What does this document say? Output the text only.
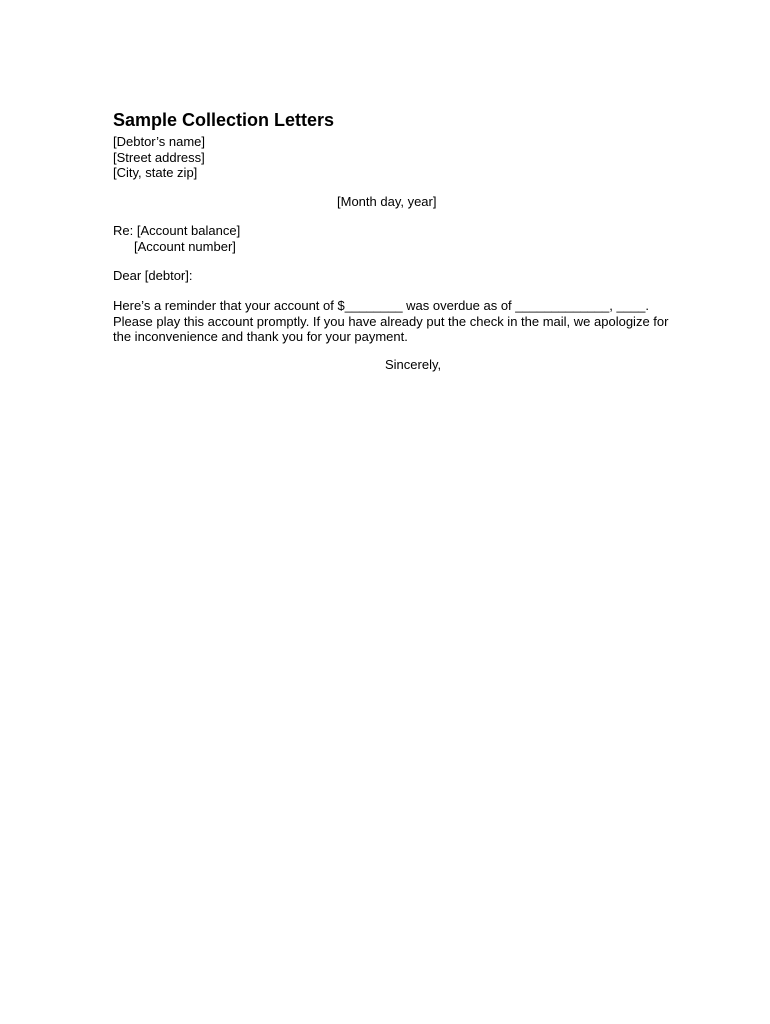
Sample Collection Letters
[Debtor’s name]
[Street address]
[City, state zip]
[Month day, year]
Re: [Account balance]
[Account number]
Dear [debtor]:
Here’s a reminder that your account of $________ was overdue as of _____________, ____.
Please play this account promptly. If you have already put the check in the mail, we apologize for
the inconvenience and thank you for your payment.
Sincerely,
